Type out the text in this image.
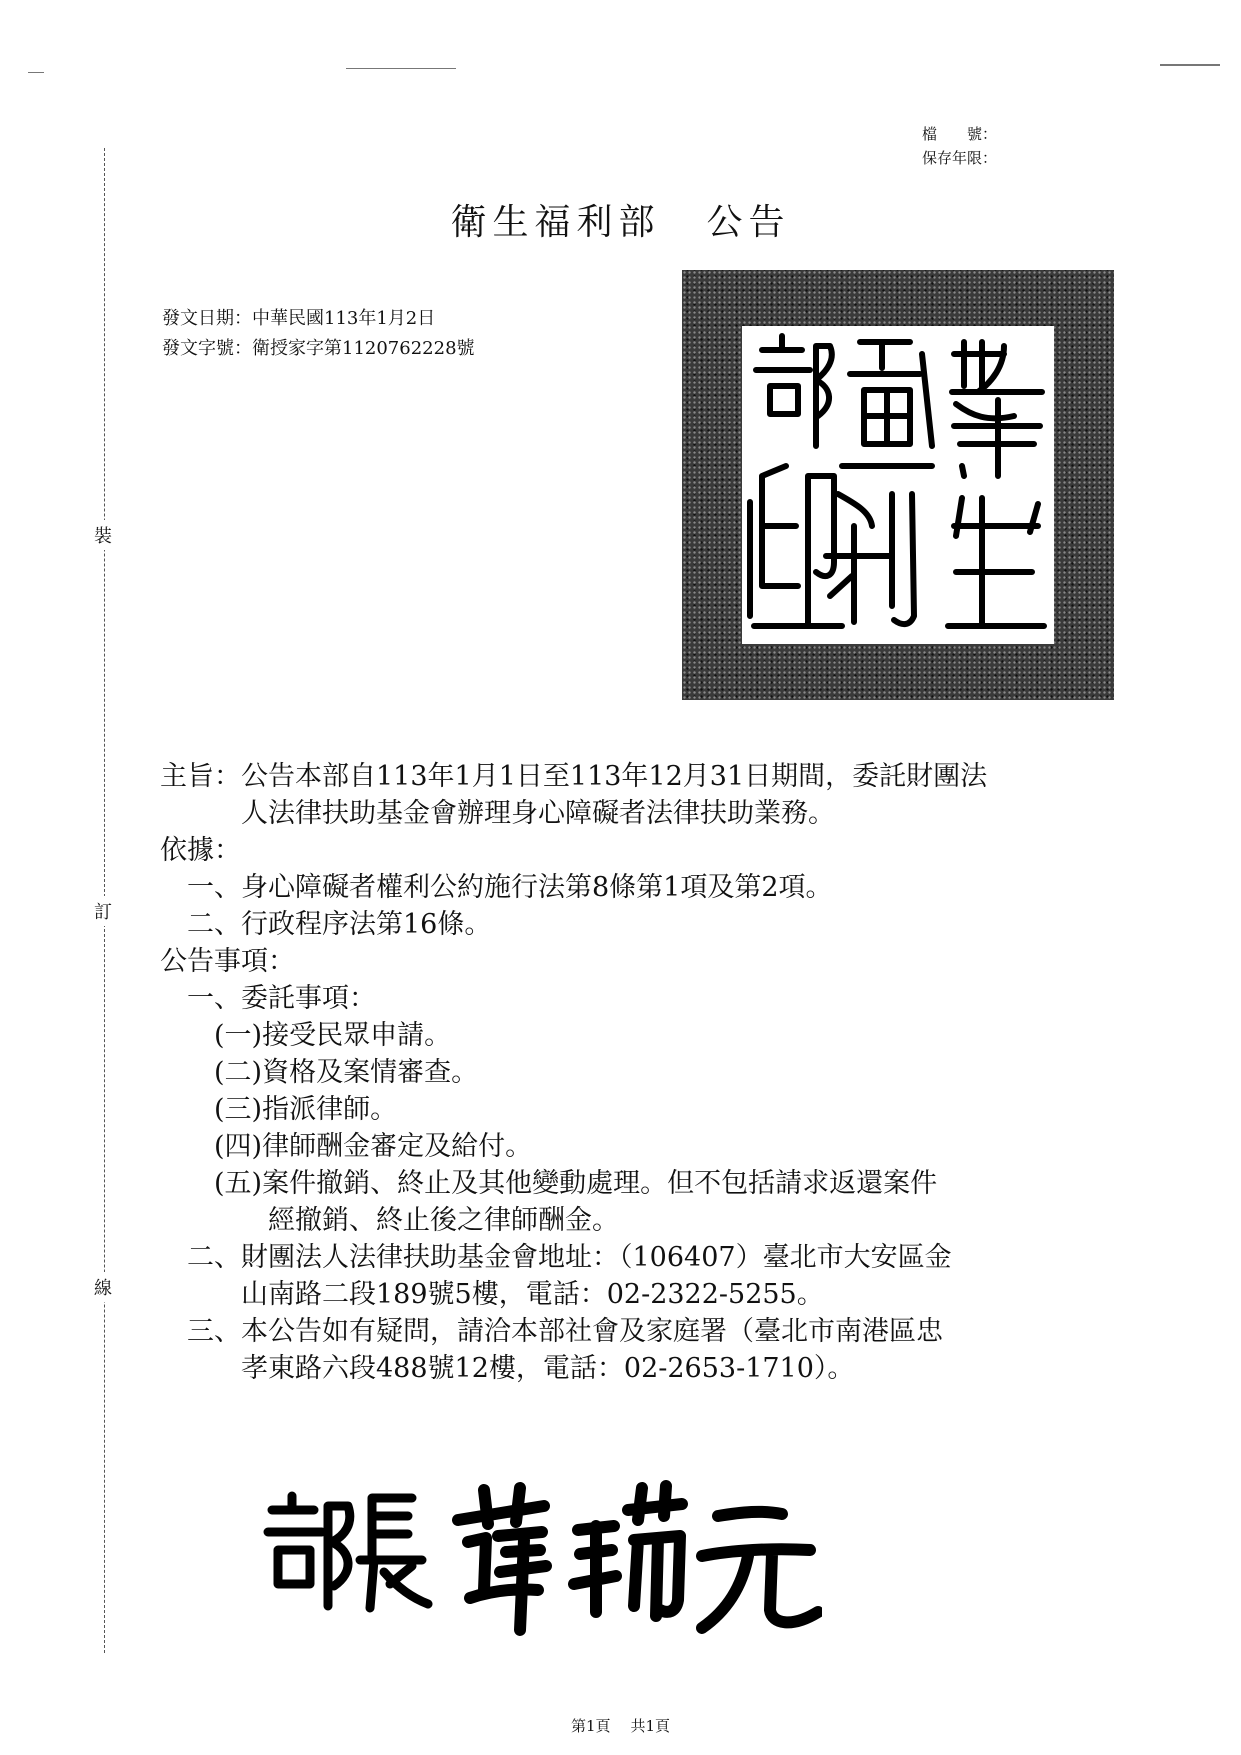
裝
訂
線
檔　　號：
保存年限：
衛生福利部 公告
發文日期：中華民國113年1月2日
發文字號：衛授家字第1120762228號
主旨：公告本部自113年1月1日至113年12月31日期間，委託財團法
　　　人法律扶助基金會辦理身心障礙者法律扶助業務。
依據：
　一、身心障礙者權利公約施行法第8條第1項及第2項。
　二、行政程序法第16條。
公告事項：
　一、委託事項：
　　(一)接受民眾申請。
　　(二)資格及案情審查。
　　(三)指派律師。
　　(四)律師酬金審定及給付。
　　(五)案件撤銷、終止及其他變動處理。但不包括請求返還案件
　　　　經撤銷、終止後之律師酬金。
　二、財團法人法律扶助基金會地址：（106407）臺北市大安區金
　　　山南路二段189號5樓，電話：02-2322-5255。
　三、本公告如有疑問，請洽本部社會及家庭署（臺北市南港區忠
　　　孝東路六段488號12樓，電話：02-2653-1710）。
第1頁 共1頁
